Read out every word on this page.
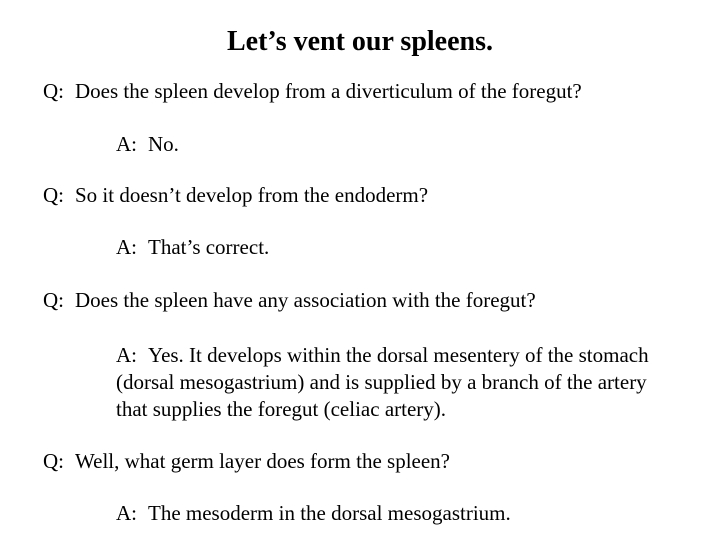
Let’s vent our spleens.
Q: Does the spleen develop from a diverticulum of the foregut?
A: No.
Q: So it doesn’t develop from the endoderm?
A: That’s correct.
Q: Does the spleen have any association with the foregut?
A: Yes. It develops within the dorsal mesentery of the stomach
(dorsal mesogastrium) and is supplied by a branch of the artery
that supplies the foregut (celiac artery).
Q: Well, what germ layer does form the spleen?
A: The mesoderm in the dorsal mesogastrium.
